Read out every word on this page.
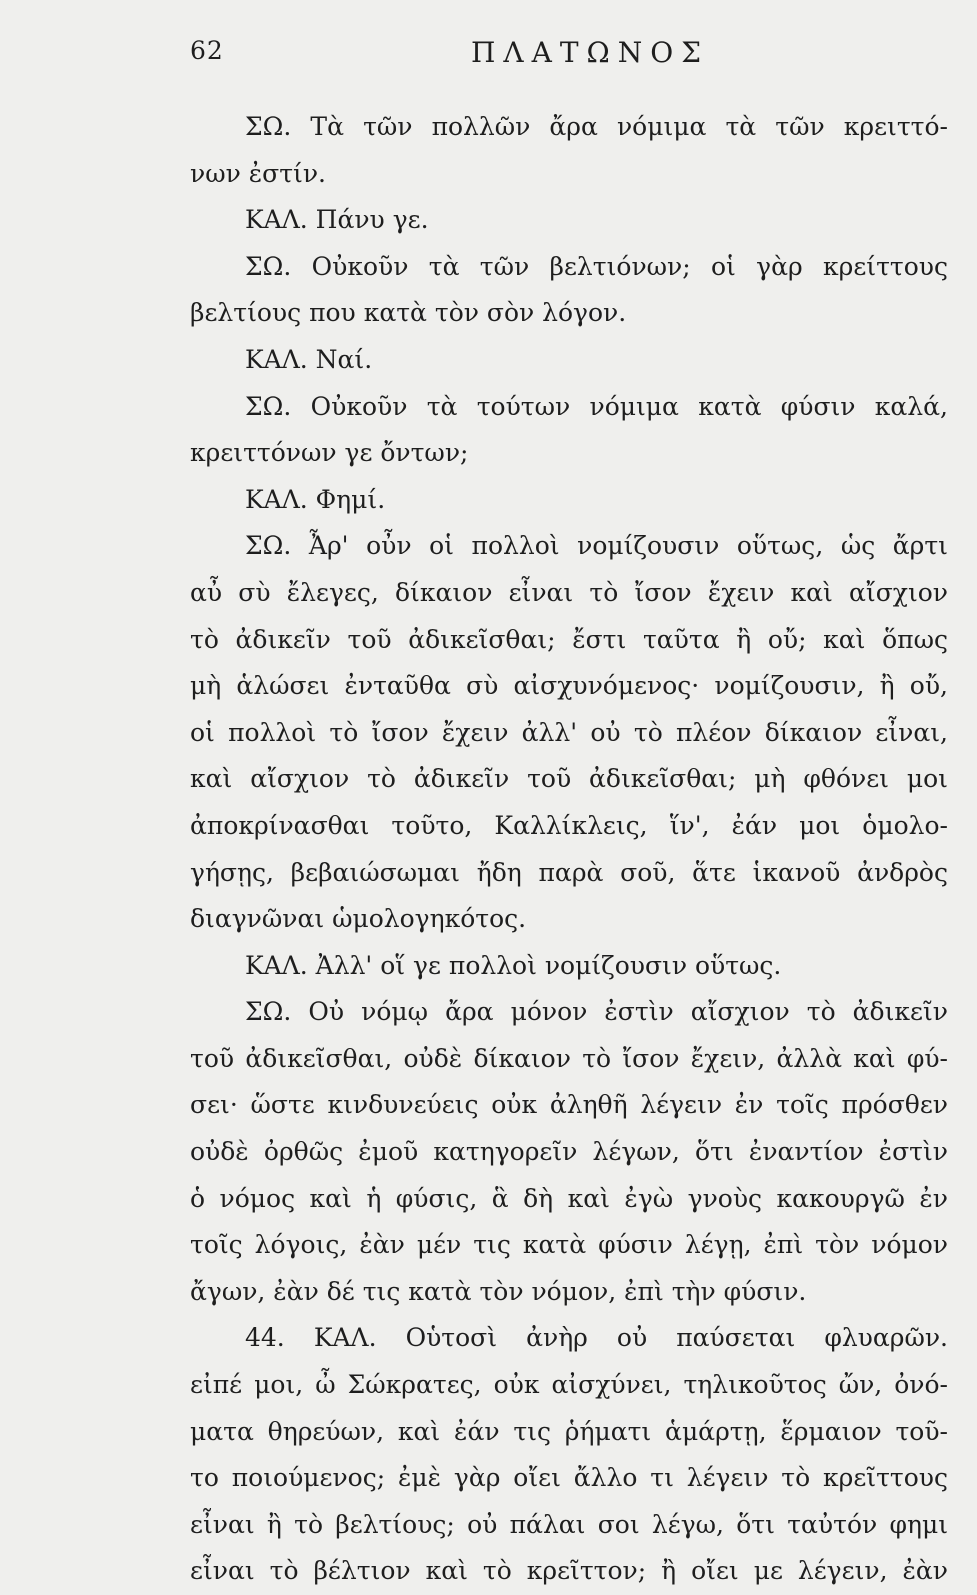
62	ΠΛΑΤΩΝΟΣ
ΣΩ. Τὰ τῶν πολλῶν ἄρα νόμιμα τὰ τῶν κρειττό-
νων ἐστίν.
ΚΑΛ. Πάνυ γε.
ΣΩ. Οὐκοῦν τὰ τῶν βελτιόνων; οἱ γὰρ κρείττους
βελτίους που κατὰ τὸν σὸν λόγον.
ΚΑΛ. Ναί.
ΣΩ. Οὐκοῦν τὰ τούτων νόμιμα κατὰ φύσιν καλά,
κρειττόνων γε ὄντων;
ΚΑΛ. Φημί.
ΣΩ. Ἆρ' οὖν οἱ πολλοὶ νομίζουσιν οὕτως, ὡς ἄρτι
αὖ σὺ ἔλεγες, δίκαιον εἶναι τὸ ἴσον ἔχειν καὶ αἴσχιον
τὸ ἀδικεῖν τοῦ ἀδικεῖσθαι; ἔστι ταῦτα ἢ οὔ; καὶ ὅπως
μὴ ἁλώσει ἐνταῦθα σὺ αἰσχυνόμενος· νομίζουσιν, ἢ οὔ,
οἱ πολλοὶ τὸ ἴσον ἔχειν ἀλλ' οὐ τὸ πλέον δίκαιον εἶναι,
καὶ αἴσχιον τὸ ἀδικεῖν τοῦ ἀδικεῖσθαι; μὴ φθόνει μοι
ἀποκρίνασθαι τοῦτο, Καλλίκλεις, ἵν', ἐάν μοι ὁμολο-
γήσῃς, βεβαιώσωμαι ἤδη παρὰ σοῦ, ἅτε ἱκανοῦ ἀνδρὸς
διαγνῶναι ὡμολογηκότος.
ΚΑΛ. Ἀλλ' οἵ γε πολλοὶ νομίζουσιν οὕτως.
ΣΩ. Οὐ νόμῳ ἄρα μόνον ἐστὶν αἴσχιον τὸ ἀδικεῖν
τοῦ ἀδικεῖσθαι, οὐδὲ δίκαιον τὸ ἴσον ἔχειν, ἀλλὰ καὶ φύ-
σει· ὥστε κινδυνεύεις οὐκ ἀληθῆ λέγειν ἐν τοῖς πρόσθεν
οὐδὲ ὀρθῶς ἐμοῦ κατηγορεῖν λέγων, ὅτι ἐναντίον ἐστὶν
ὁ νόμος καὶ ἡ φύσις, ἃ δὴ καὶ ἐγὼ γνοὺς κακουργῶ ἐν
τοῖς λόγοις, ἐὰν μέν τις κατὰ φύσιν λέγῃ, ἐπὶ τὸν νόμον
ἄγων, ἐὰν δέ τις κατὰ τὸν νόμον, ἐπὶ τὴν φύσιν.
44. ΚΑΛ. Οὑτοσὶ ἀνὴρ οὐ παύσεται φλυαρῶν.
εἰπέ μοι, ὦ Σώκρατες, οὐκ αἰσχύνει, τηλικοῦτος ὤν, ὀνό-
ματα θηρεύων, καὶ ἐάν τις ῥήματι ἁμάρτῃ, ἕρμαιον τοῦ-
το ποιούμενος; ἐμὲ γὰρ οἴει ἄλλο τι λέγειν τὸ κρεῖττους
εἶναι ἢ τὸ βελτίους; οὐ πάλαι σοι λέγω, ὅτι ταὐτόν φημι
εἶναι τὸ βέλτιον καὶ τὸ κρεῖττον; ἢ οἴει με λέγειν, ἐὰν
